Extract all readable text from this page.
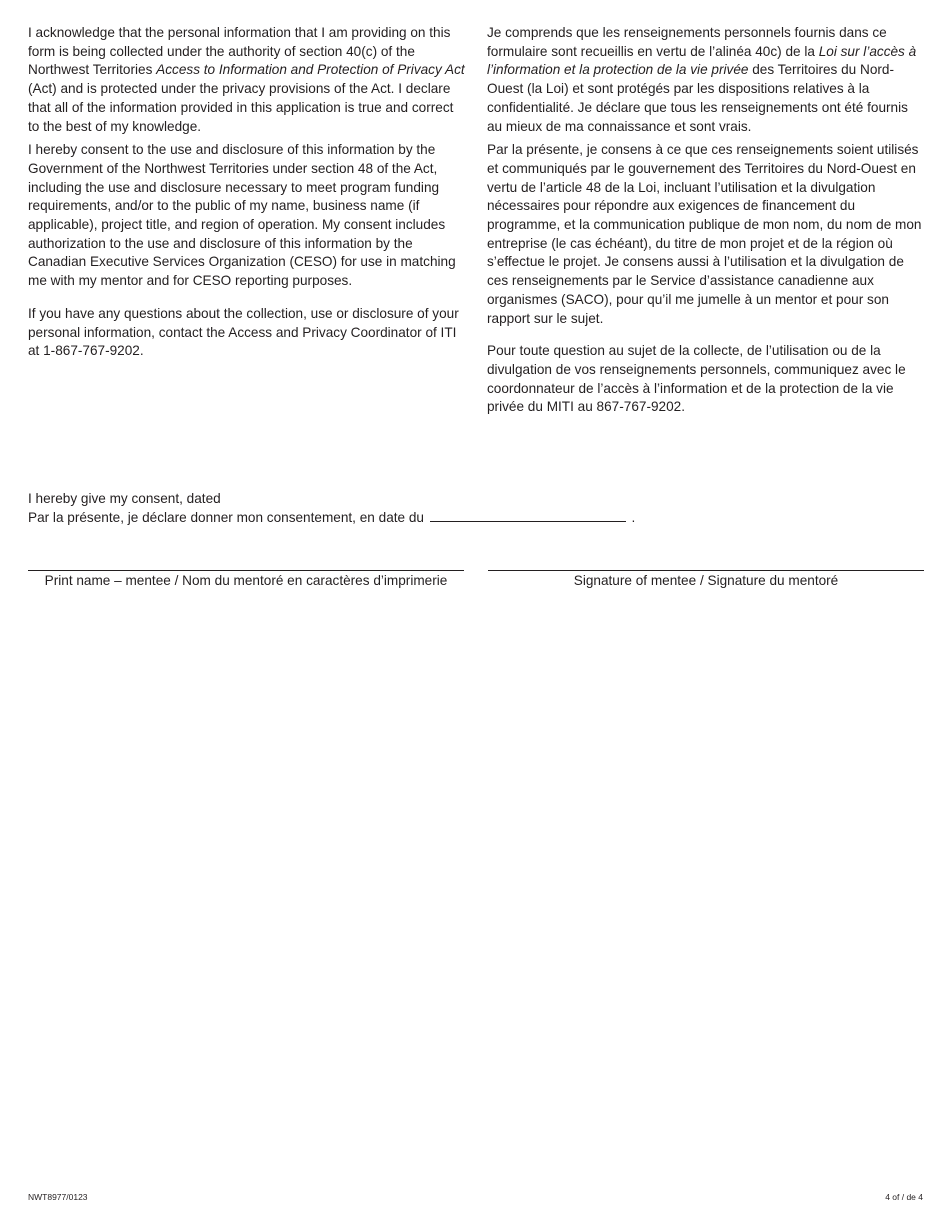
I acknowledge that the personal information that I am providing on this form is being collected under the authority of section 40(c) of the Northwest Territories Access to Information and Protection of Privacy Act (Act) and is protected under the privacy provisions of the Act. I declare that all of the information provided in this application is true and correct to the best of my knowledge.

I hereby consent to the use and disclosure of this information by the Government of the Northwest Territories under section 48 of the Act, including the use and disclosure necessary to meet program funding requirements, and/or to the public of my name, business name (if applicable), project title, and region of operation. My consent includes authorization to the use and disclosure of this information by the Canadian Executive Services Organization (CESO) for use in matching me with my mentor and for CESO reporting purposes.

If you have any questions about the collection, use or disclosure of your personal information, contact the Access and Privacy Coordinator of ITI at 1-867-767-9202.

Je comprends que les renseignements personnels fournis dans ce formulaire sont recueillis en vertu de l’alinéa 40c) de la Loi sur l’accès à l’information et la protection de la vie privée des Territoires du Nord-Ouest (la Loi) et sont protégés par les dispositions relatives à la confidentialité. Je déclare que tous les renseignements ont été fournis au mieux de ma connaissance et sont vrais.

Par la présente, je consens à ce que ces renseignements soient utilisés et communiqués par le gouvernement des Territoires du Nord-Ouest en vertu de l’article 48 de la Loi, incluant l’utilisation et la divulgation nécessaires pour répondre aux exigences de financement du programme, et la communication publique de mon nom, du nom de mon entreprise (le cas échéant), du titre de mon projet et de la région où s’effectue le projet. Je consens aussi à l’utilisation et la divulgation de ces renseignements par le Service d’assistance canadienne aux organismes (SACO), pour qu’il me jumelle à un mentor et pour son rapport sur le sujet.

Pour toute question au sujet de la collecte, de l’utilisation ou de la divulgation de vos renseignements personnels, communiquez avec le coordonnateur de l’accès à l’information et de la protection de la vie privée du MITI au 867-767-9202.

I hereby give my consent, dated
Par la présente, je déclare donner mon consentement, en date du	.
Print name – mentee / Nom du mentoré en caractères d’imprimerie	Signature of mentee / Signature du mentoré
NWT8977/0123	4 of / de 4
